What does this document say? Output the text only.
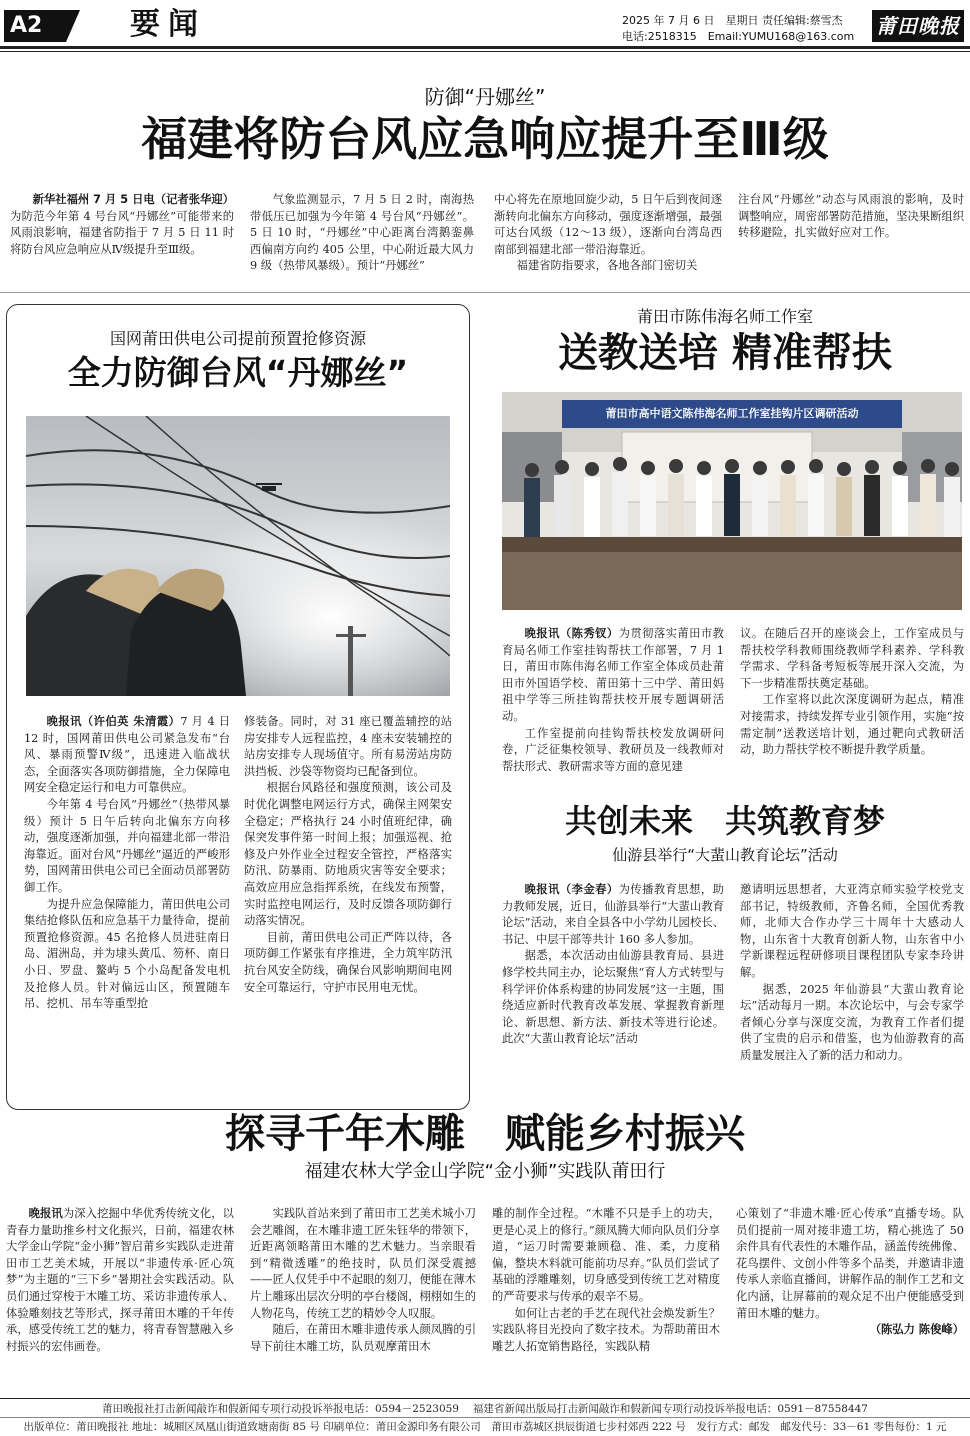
A2	要闻	2025 年 7 月 6 日　星期日 责任编辑:蔡雪杰
电话:2518315　Email:YUMU168@163.com 莆田晚报
防御“丹娜丝”
福建将防台风应急响应提升至Ⅲ级

新华社福州 7 月 5 日电（记者张华迎）为防范今年第 4 号台风“丹娜丝”可能带来的风雨浪影响，福建省防指于 7 月 5 日 11 时将防台风应急响应从Ⅳ级提升至Ⅲ级。

气象监测显示，7 月 5 日 2 时，南海热带低压已加强为今年第 4 号台风“丹娜丝”。5 日 10 时，“丹娜丝”中心距离台湾鹅銮鼻西偏南方向约 405 公里，中心附近最大风力 9 级（热带风暴级）。预计“丹娜丝”

中心将先在原地回旋少动，5 日午后到夜间逐渐转向北偏东方向移动，强度逐渐增强，最强可达台风级（12～13 级），逐渐向台湾岛西南部到福建北部一带沿海靠近。

福建省防指要求，各地各部门密切关

注台风“丹娜丝”动态与风雨浪的影响，及时调整响应，周密部署防范措施，坚决果断组织转移避险，扎实做好应对工作。

国网莆田供电公司提前预置抢修资源
全力防御台风“丹娜丝”

晚报讯（许伯英 朱清霞）7 月 4 日 12 时，国网莆田供电公司紧急发布“台风、暴雨预警Ⅳ级”，迅速进入临战状态，全面落实各项防御措施，全力保障电网安全稳定运行和电力可靠供应。

今年第 4 号台风“丹娜丝”（热带风暴级）预计 5 日午后转向北偏东方向移动，强度逐渐加强，并向福建北部一带沿海靠近。面对台风“丹娜丝”逼近的严峻形势，国网莆田供电公司已全面动员部署防御工作。

为提升应急保障能力，莆田供电公司集结抢修队伍和应急基干力量待命，提前预置抢修资源。45 名抢修人员进驻南日岛、湄洲岛，并为埭头黄瓜、笏杯、南日小日、罗盘、鳌屿 5 个小岛配备发电机及抢修人员。针对偏远山区，预置随车吊、挖机、吊车等重型抢

修装备。同时，对 31 座已覆盖辅控的站房安排专人远程监控，4 座未安装辅控的站房安排专人现场值守。所有易涝站房防洪挡板、沙袋等物资均已配备到位。

根据台风路径和强度预测，该公司及时优化调整电网运行方式，确保主网架安全稳定；严格执行 24 小时值班纪律，确保突发事件第一时间上报；加强巡视、抢修及户外作业全过程安全管控，严格落实防汛、防暴雨、防地质灾害等安全要求；高效应用应急指挥系统，在线发布预警，实时监控电网运行，及时反馈各项防御行动落实情况。

目前，莆田供电公司正严阵以待，各项防御工作紧张有序推进，全力筑牢防汛抗台风安全防线，确保台风影响期间电网安全可靠运行，守护市民用电无忧。

莆田市陈伟海名师工作室
送教送培 精准帮扶
莆田市高中语文陈伟海名师工作室挂钩片区调研活动

晚报讯（陈秀钗）为贯彻落实莆田市教育局名师工作室挂钩帮扶工作部署，7 月 1 日，莆田市陈伟海名师工作室全体成员赴莆田市外国语学校、莆田第十三中学、莆田妈祖中学等三所挂钩帮扶校开展专题调研活动。

工作室提前向挂钩帮扶校发放调研问卷，广泛征集校领导、教研员及一线教师对帮扶形式、教研需求等方面的意见建

议。在随后召开的座谈会上，工作室成员与帮扶校学科教师围绕教师学科素养、学科教学需求、学科备考短板等展开深入交流，为下一步精准帮扶奠定基础。

工作室将以此次深度调研为起点，精准对接需求，持续发挥专业引领作用，实施“按需定制”送教送培计划，通过靶向式教研活动，助力帮扶学校不断提升教学质量。

共创未来　共筑教育梦
仙游县举行“大蜚山教育论坛”活动

晚报讯（李金春）为传播教育思想，助力教师发展，近日，仙游县举行“大蜚山教育论坛”活动，来自全县各中小学幼儿园校长、书记、中层干部等共计 160 多人参加。

据悉，本次活动由仙游县教育局、县进修学校共同主办，论坛聚焦“育人方式转型与科学评价体系构建的协同发展”这一主题，围绕适应新时代教育改革发展、掌握教育新理论、新思想、新方法、新技术等进行论述。此次“大蜚山教育论坛”活动

邀请明远思想者，大亚湾京师实验学校党支部书记，特级教师，齐鲁名师，全国优秀教师，北师大合作办学三十周年十大感动人物，山东省十大教育创新人物，山东省中小学新课程远程研修项目课程团队专家李玲讲解。

据悉，2025 年仙游县“大蜚山教育论坛”活动每月一期。本次论坛中，与会专家学者倾心分享与深度交流，为教育工作者们提供了宝贵的启示和借鉴，也为仙游教育的高质量发展注入了新的活力和动力。

探寻千年木雕　赋能乡村振兴
福建农林大学金山学院“金小狮”实践队莆田行

晚报讯为深入挖掘中华优秀传统文化，以青春力量助推乡村文化振兴，日前，福建农林大学金山学院“金小狮”智启莆乡实践队走进莆田市工艺美术城，开展以“非遗传承·匠心筑梦”为主题的“三下乡”暑期社会实践活动。队员们通过穿梭于木雕工坊、采访非遗传承人、体验雕刻技艺等形式，探寻莆田木雕的千年传承，感受传统工艺的魅力，将青春智慧融入乡村振兴的宏伟画卷。

实践队首站来到了莆田市工艺美术城小刀会艺雕阁，在木雕非遗工匠朱钰华的带领下，近距离领略莆田木雕的艺术魅力。当亲眼看到“精微透雕”的绝技时，队员们深受震撼——匠人仅凭手中不起眼的刻刀，便能在薄木片上雕琢出层次分明的亭台楼阁，栩栩如生的人物花鸟，传统工艺的精妙令人叹服。

随后，在莆田木雕非遗传承人颜凤腾的引导下前往木雕工坊，队员观摩莆田木

雕的制作全过程。“木雕不只是手上的功夫，更是心灵上的修行。”颜凤腾大师向队员们分享道，“运刀时需要兼顾稳、准、柔，力度稍偏，整块木料就可能前功尽弃。”队员们尝试了基础的浮雕雕刻，切身感受到传统工艺对精度的严苛要求与传承的艰辛不易。

如何让古老的手艺在现代社会焕发新生？实践队将目光投向了数字技术。为帮助莆田木雕艺人拓宽销售路径，实践队精

心策划了“非遗木雕·匠心传承”直播专场。队员们提前一周对接非遗工坊，精心挑选了 50 余件具有代表性的木雕作品，涵盖传统佛像、花鸟摆件、文创小件等多个品类，并邀请非遗传承人亲临直播间，讲解作品的制作工艺和文化内涵，让屏幕前的观众足不出户便能感受到莆田木雕的魅力。

（陈弘力 陈俊峰）

莆田晚报社打击新闻敲诈和假新闻专项行动投诉举报电话：0594－2523059　 福建省新闻出版局打击新闻敲诈和假新闻专项行动投诉举报电话：0591－87558447
出版单位：莆田晚报社 地址：城厢区凤凰山街道致塘南街 85 号 印刷单位：莆田金源印务有限公司　莆田市荔城区拱辰街道七步村郊西 222 号　发行方式：邮发　邮发代号：33－61 零售每份：1 元
